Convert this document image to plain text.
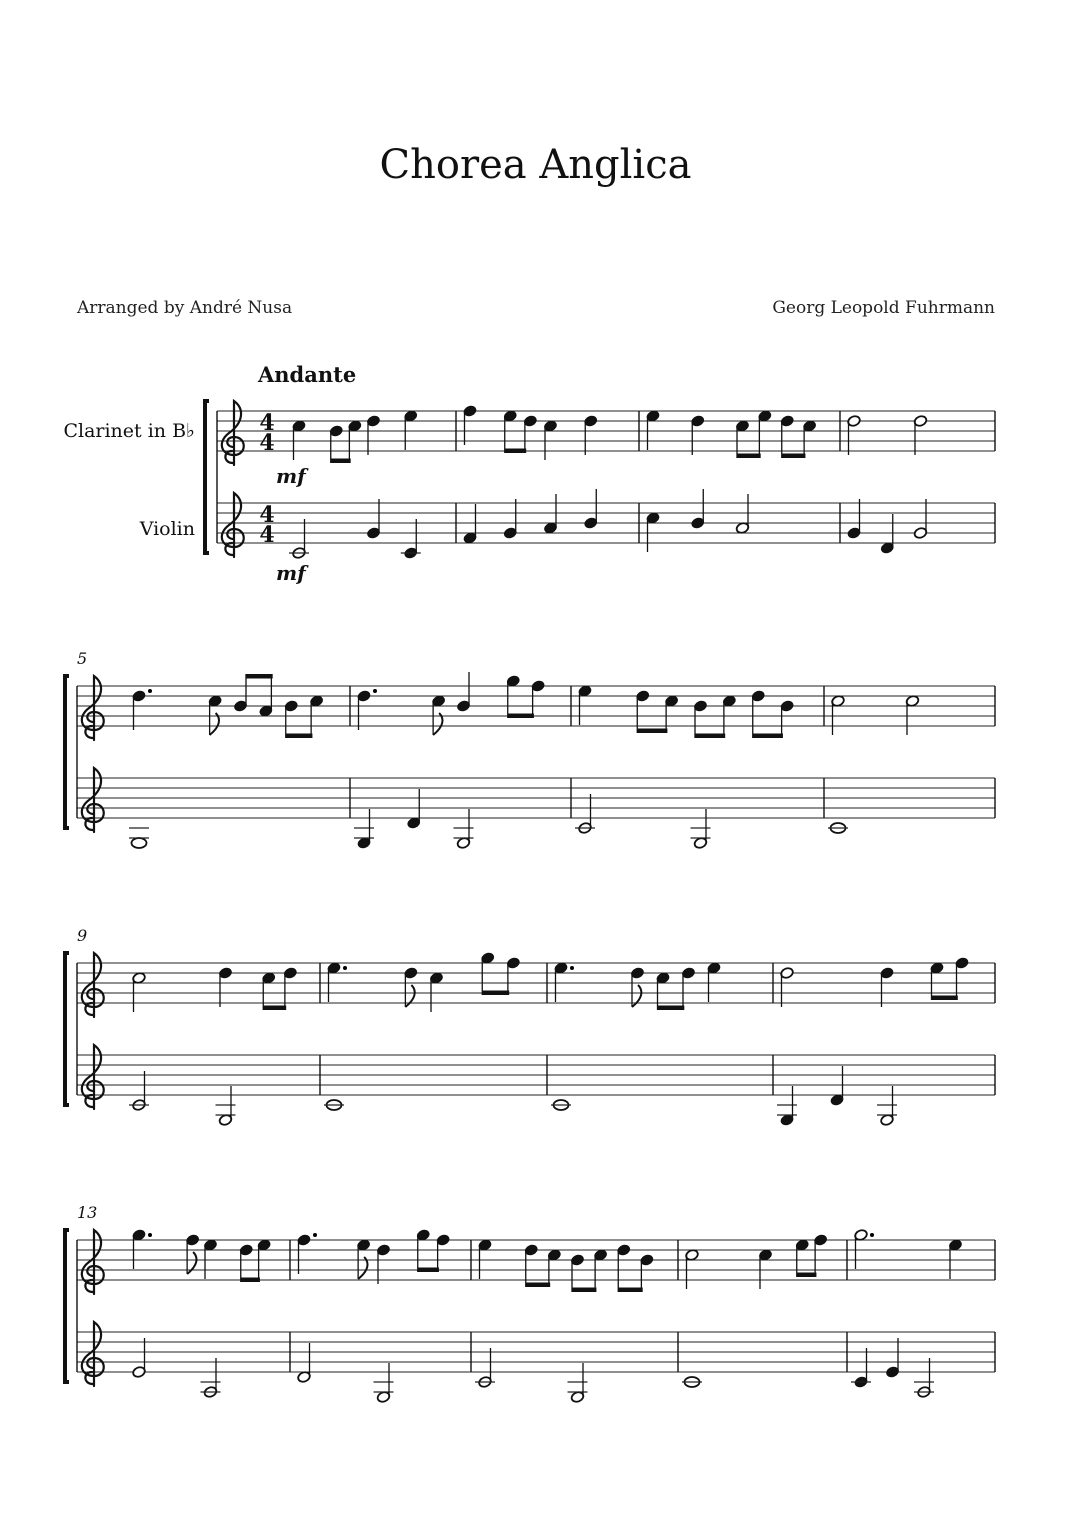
Chorea Anglica
Arranged by André Nusa	Georg Leopold Fuhrmann
4
4
4
4
Clarinet in B♭
Violin
Andante
mf
mf
5
9
13
